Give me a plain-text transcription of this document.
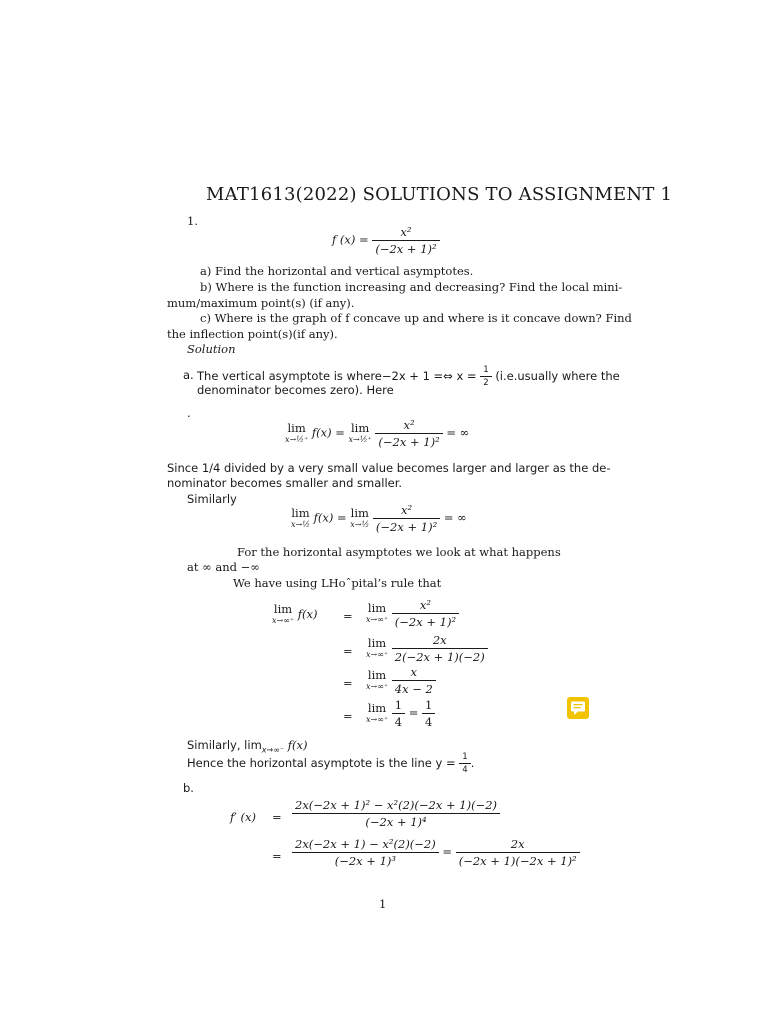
MAT1613(2022) SOLUTIONS TO ASSIGNMENT 1
1.
f $(x) = \frac{\text{x²}}{\text{(−2x + 1)²}}$
a) Find the horizontal and vertical asymptotes.
b) Where is the function increasing and decreasing? Find the local mini-
mum/maximum point(s) (if any).
c) Where is the graph of f concave up and where is it concave down? Find
the inflection point(s)(if any).
Solution
a. The vertical asymptote is where−2x + 1 =⇔ $x = \frac{1}{2}$ (i.e.usually where the
denominator becomes zero). Here
.
lim
x→½⁺ f(x) = lim
x→½⁺
$\frac{\text{x²}}{\text{(−2x + 1)²}}$ = ∞
Since 1/4 divided by a very small value becomes larger and larger as the de-
nominator becomes smaller and smaller.
Similarly
lim
x→½ f(x) = lim
x→½
$\frac{\text{x²}}{\text{(−2x + 1)²}}$ = ∞
For the horizontal asymptotes we look at what happens
at ∞ and −∞
We have using LHoˆpital’s rule that
lim
x→∞⁺ f(x) =
lim
x→∞⁺
$\frac{\text{x²}}{\text{(−2x + 1)²}}$
=
lim
x→∞⁺
$\frac{2x}{2(-2x + 1)(-2)}$
=
lim
x→∞⁺
$\frac{x}{4x - 2}$
=
lim
x→∞⁺
$\frac{1}{4} = \frac{1}{4}$
Similarly, $\lim_{x\to\infty^-} f(x)$
Hence the horizontal asymptote is the line $y = \frac{1}{4}$ .
b.
f′ $(x) = \frac{\text{2x(−2x + 1)² − x²(2)(−2x + 1)(−2)}}{\text{(−2x + 1)⁴}}$
= $\frac{\text{2x(−2x + 1) − x²(2)(−2)}}{\text{(−2x + 1)³}} = \frac{2x}{\text{(−2x + 1)(−2x + 1)²}}$
1
